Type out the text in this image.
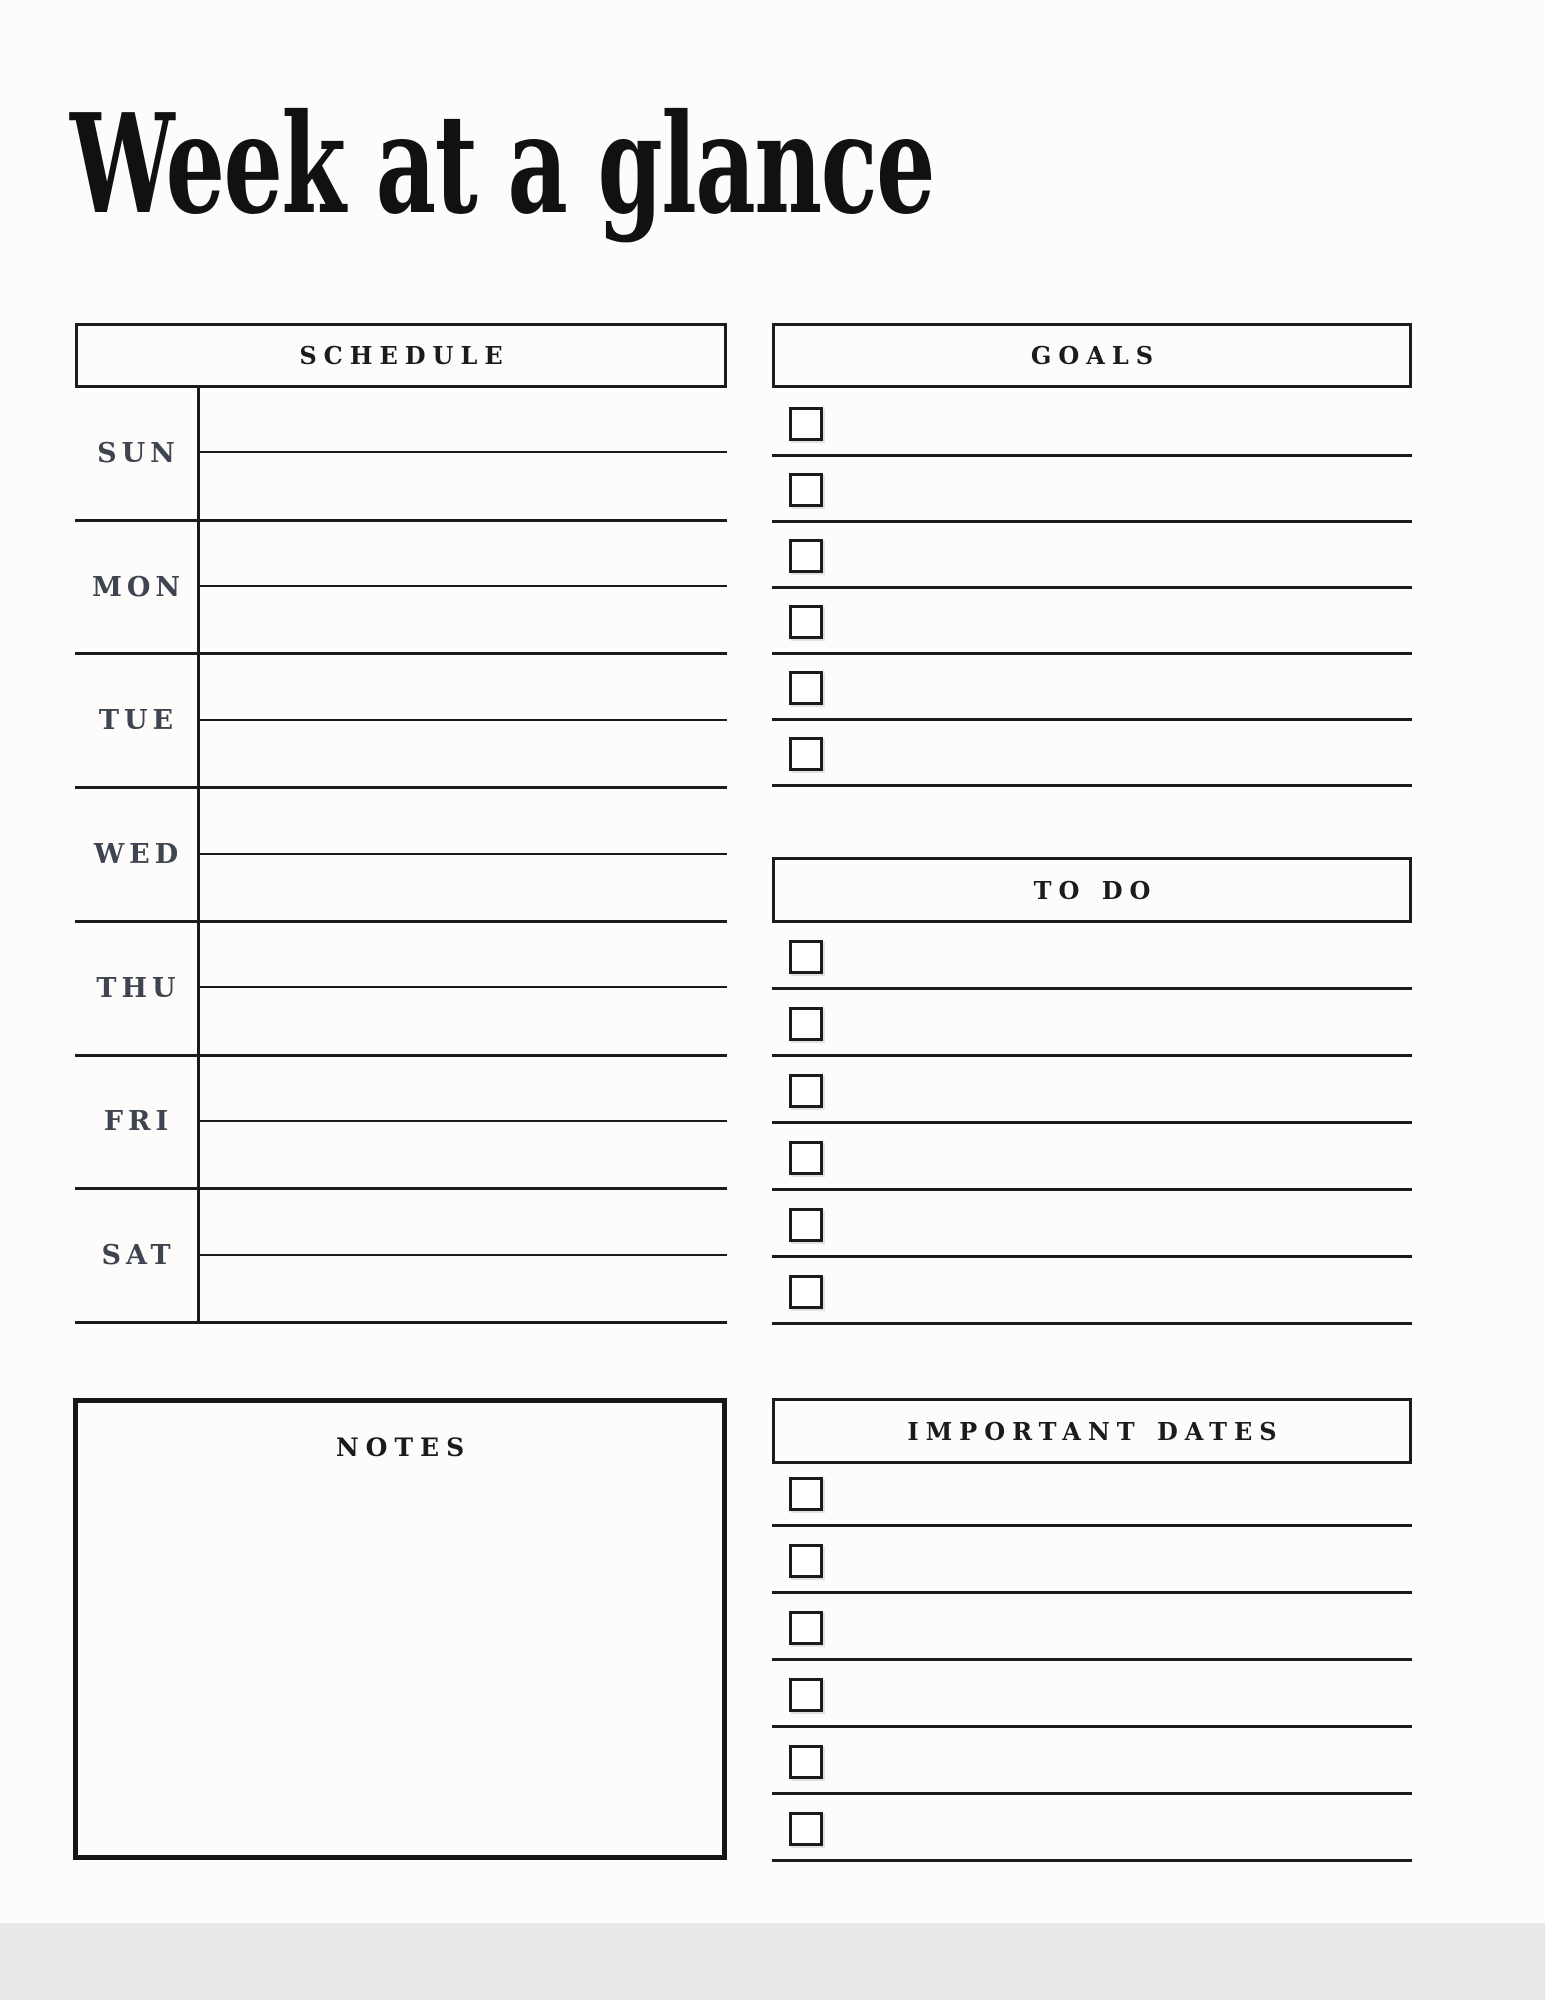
Week at a glance
SCHEDULE
SUN
MON
TUE
WED
THU
FRI
SAT
GOALS
TO DO
NOTES
IMPORTANT DATES
